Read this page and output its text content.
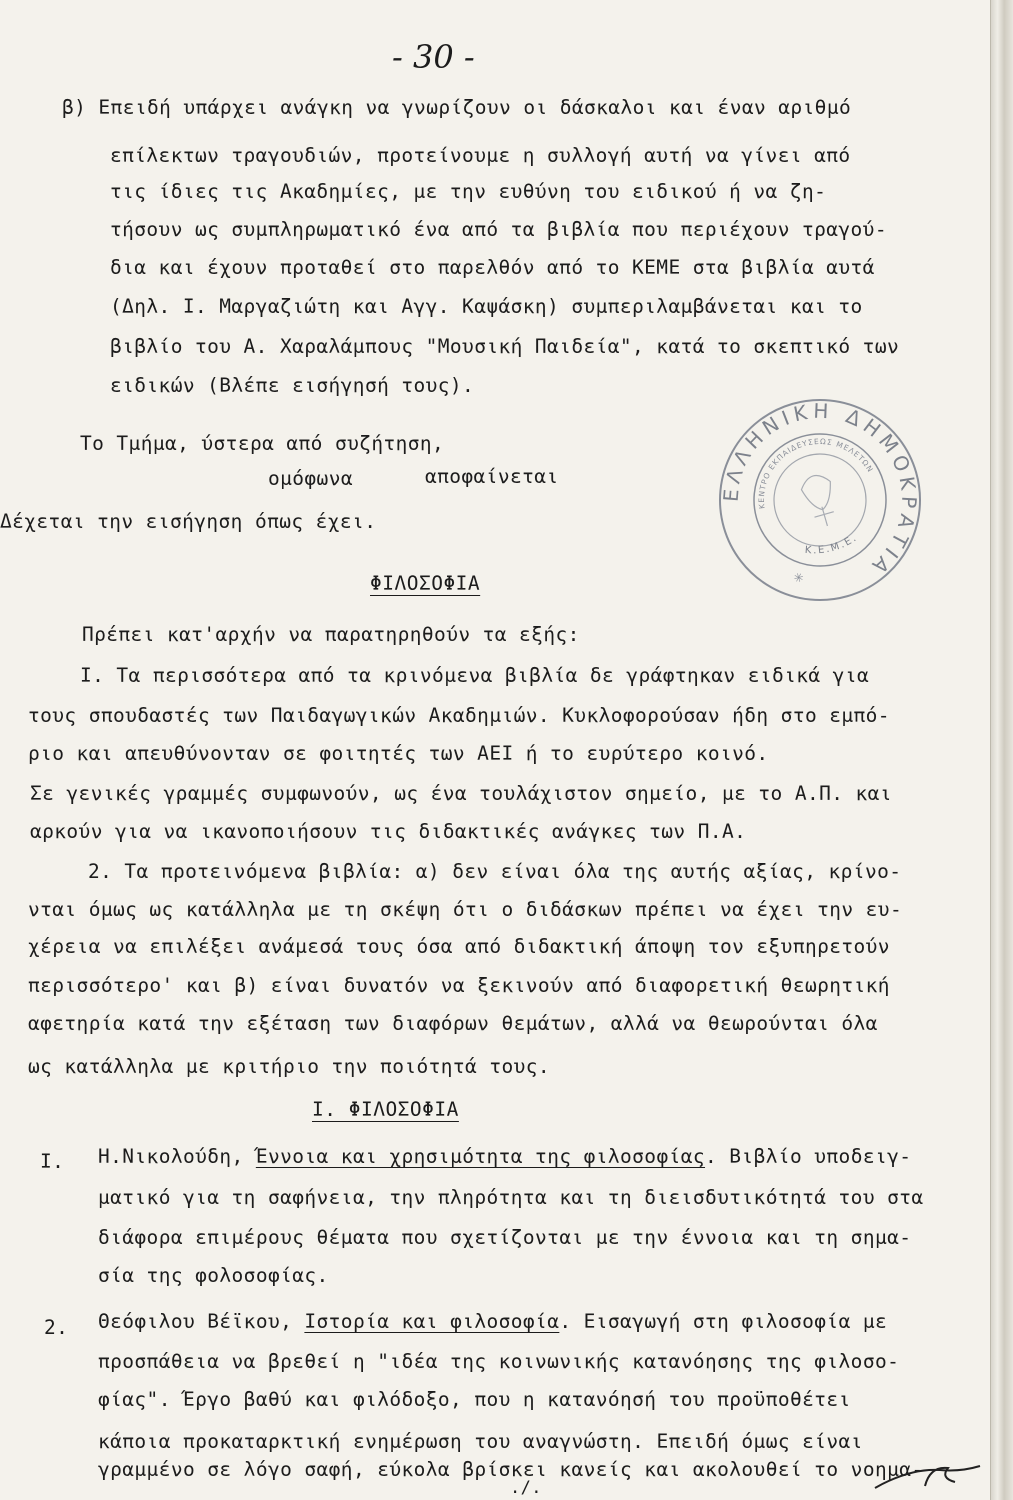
- 30 -
β) Επειδή υπάρχει ανάγκη να γνωρίζουν οι δάσκαλοι και έναν αριθμό
επίλεκτων τραγουδιών, προτείνουμε η συλλογή αυτή να γίνει από
τις ίδιες τις Ακαδημίες, με την ευθύνη του ειδικού ή να ζη-
τήσουν ως συμπληρωματικό ένα από τα βιβλία που περιέχουν τραγού-
δια και έχουν προταθεί στο παρελθόν από το ΚΕΜΕ στα βιβλία αυτά
(Δηλ. Ι. Μαργαζιώτη και Αγγ. Καψάσκη) συμπεριλαμβάνεται και το
βιβλίο του Α. Χαραλάμπους "Μουσική Παιδεία", κατά το σκεπτικό των
ειδικών (Βλέπε εισήγησή τους).
Το Τμήμα, ύστερα από συζήτηση,
ομόφωνα	αποφαίνεται
Δέχεται την εισήγηση όπως έχει.
ΕΛΛΗΝΙΚΗ ΔΗΜΟΚΡΑΤΙΑ
ΚΕΝΤΡΟ ΕΚΠΑΙΔΕΥΣΕΩΣ ΜΕΛΕΤΩΝ
Κ.Ε.Μ.Ε.
✳
ΦΙΛΟΣΟΦΙΑ
Πρέπει κατ'αρχήν να παρατηρηθούν τα εξής:
Ι. Τα περισσότερα από τα κρινόμενα βιβλία δε γράφτηκαν ειδικά για
τους σπουδαστές των Παιδαγωγικών Ακαδημιών. Κυκλοφορούσαν ήδη στο εμπό-
ριο και απευθύνονταν σε φοιτητές των ΑΕΙ ή το ευρύτερο κοινό.
Σε γενικές γραμμές συμφωνούν, ως ένα τουλάχιστον σημείο, με το Α.Π. και
αρκούν για να ικανοποιήσουν τις διδακτικές ανάγκες των Π.Α.
2. Τα προτεινόμενα βιβλία: α) δεν είναι όλα της αυτής αξίας, κρίνο-
νται όμως ως κατάλληλα με τη σκέψη ότι ο διδάσκων πρέπει να έχει την ευ-
χέρεια να επιλέξει ανάμεσά τους όσα από διδακτική άποψη τον εξυπηρετούν
περισσότερο' και β) είναι δυνατόν να ξεκινούν από διαφορετική θεωρητική
αφετηρία κατά την εξέταση των διαφόρων θεμάτων, αλλά να θεωρούνται όλα
ως κατάλληλα με κριτήριο την ποιότητά τους.
Ι. ΦΙΛΟΣΟΦΙΑ
Ι. Η.Νικολούδη, Έννοια και χρησιμότητα της φιλοσοφίας. Βιβλίο υποδειγ-
ματικό για τη σαφήνεια, την πληρότητα και τη διεισδυτικότητά του στα
διάφορα επιμέρους θέματα που σχετίζονται με την έννοια και τη σημα-
σία της φολοσοφίας.
2. Θεόφιλου Βέϊκου, Ιστορία και φιλοσοφία. Εισαγωγή στη φιλοσοφία με
προσπάθεια να βρεθεί η "ιδέα της κοινωνικής κατανόησης της φιλοσο-
φίας". Έργο βαθύ και φιλόδοξο, που η κατανόησή του προϋποθέτει
κάποια προκαταρκτική ενημέρωση του αναγνώστη. Επειδή όμως είναι
γραμμένο σε λόγο σαφή, εύκολα βρίσκει κανείς και ακολουθεί το νοημα-
./.
